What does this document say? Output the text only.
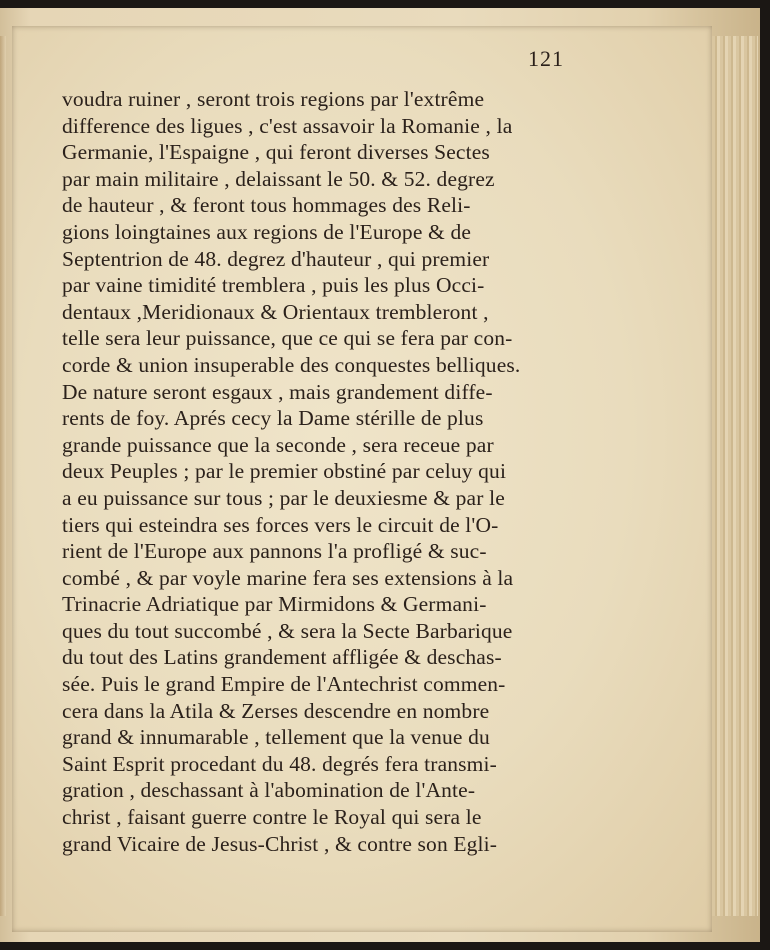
121
voudra ruiner , seront trois regions par l'extrême
difference des ligues , c'est assavoir la Romanie , la
Germanie, l'Espaigne , qui feront diverses Sectes
par main militaire , delaissant le 50. & 52. degrez
de hauteur , & feront tous hommages des Reli-
gions loingtaines aux regions de l'Europe & de
Septentrion de 48. degrez d'hauteur , qui premier
par vaine timidité tremblera , puis les plus Occi-
dentaux ,Meridionaux & Orientaux trembleront ,
telle sera leur puissance, que ce qui se fera par con-
corde & union insuperable des conquestes belliques.
De nature seront esgaux , mais grandement diffe-
rents de foy. Aprés cecy la Dame stérille de plus
grande puissance que la seconde , sera receue par
deux Peuples ; par le premier obstiné par celuy qui
a eu puissance sur tous ; par le deuxiesme & par le
tiers qui esteindra ses forces vers le circuit de l'O-
rient de l'Europe aux pannons l'a profligé & suc-
combé , & par voyle marine fera ses extensions à la
Trinacrie Adriatique par Mirmidons & Germani-
ques du tout succombé , & sera la Secte Barbarique
du tout des Latins grandement affligée & deschas-
sée. Puis le grand Empire de l'Antechrist commen-
cera dans la Atila & Zerses descendre en nombre
grand & innumarable , tellement que la venue du
Saint Esprit procedant du 48. degrés fera transmi-
gration , deschassant à l'abomination de l'Ante-
christ , faisant guerre contre le Royal qui sera le
grand Vicaire de Jesus-Christ , & contre son Egli-
